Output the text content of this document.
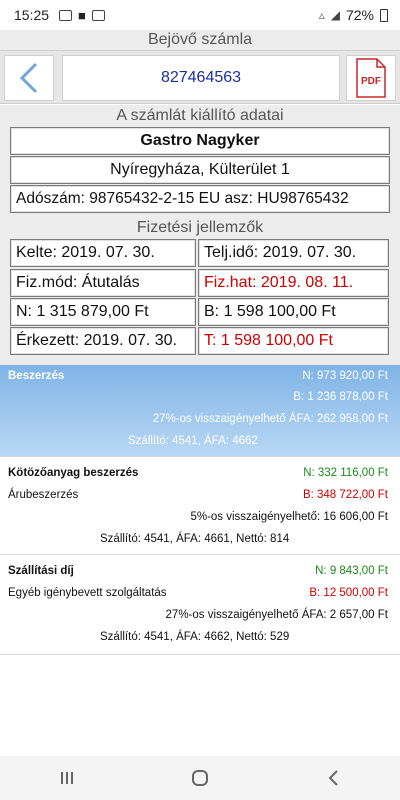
15:25 ■	▵ ◢ 72%
Bejövő számla
827464563	PDF
A számlát kiállító adatai
Gastro Nagyker
Nyíregyháza, Külterület 1
Adószám: 98765432-2-15 EU asz: HU98765432
Fizetési jellemzők
Kelte: 2019. 07. 30.	Telj.idő: 2019. 07. 30.
Fiz.mód: Átutalás	Fiz.hat: 2019. 08. 11.
N: 1 315 879,00 Ft	B: 1 598 100,00 Ft
Érkezett: 2019. 07. 30.	T: 1 598 100,00 Ft
Beszerzés	N: 973 920,00 Ft
B: 1 236 878,00 Ft
27%-os visszaigényelhető ÁFA: 262 958,00 Ft
Szállító: 4541, ÁFA: 4662
Kötözőanyag beszerzés	N: 332 116,00 Ft
Árubeszerzés	B: 348 722,00 Ft
5%-os visszaigényelhető: 16 606,00 Ft
Szállító: 4541, ÁFA: 4661, Nettó: 814
Szállítási díj	N: 9 843,00 Ft
Egyéb igénybevett szolgáltatás	B: 12 500,00 Ft
27%-os visszaigényelhető ÁFA: 2 657,00 Ft
Szállító: 4541, ÁFA: 4662, Nettó: 529
